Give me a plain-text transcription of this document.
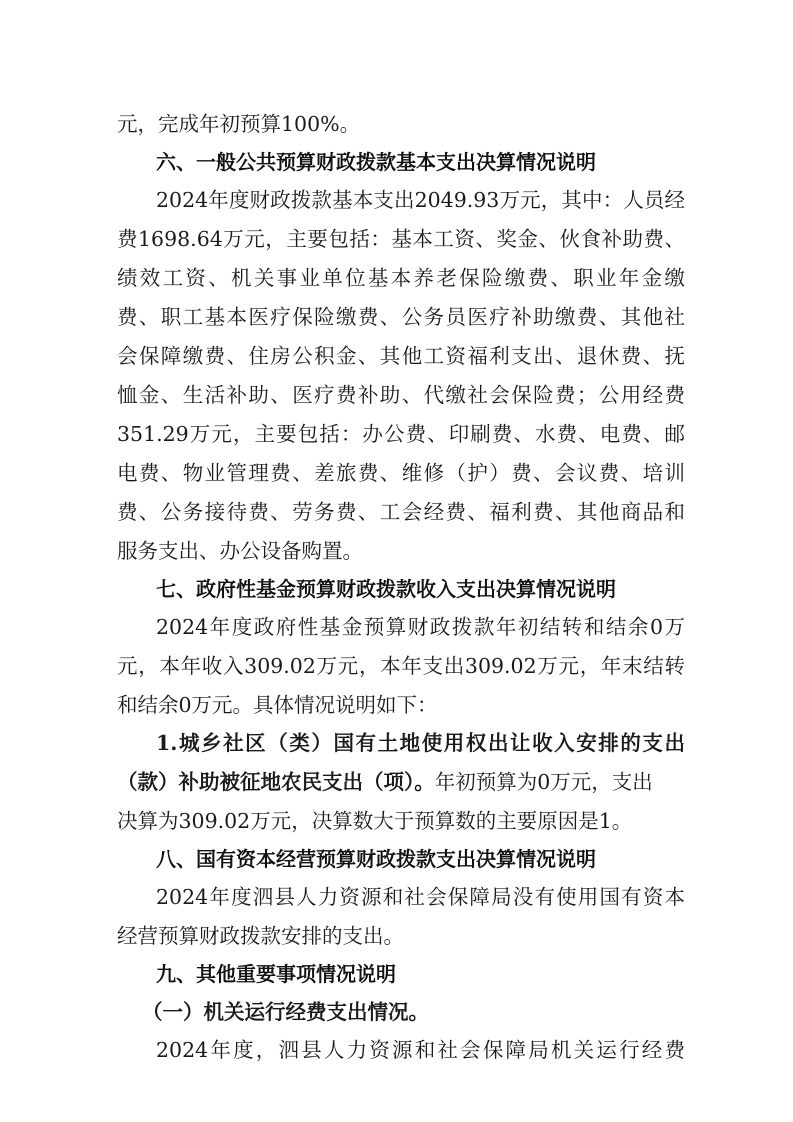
元，完成年初预算100%。

六、一般公共预算财政拨款基本支出决算情况说明

2024年度财政拨款基本支出2049.93万元，其中：人员经

费1698.64万元，主要包括：基本工资、奖金、伙食补助费、

绩效工资、机关事业单位基本养老保险缴费、职业年金缴

费、职工基本医疗保险缴费、公务员医疗补助缴费、其他社

会保障缴费、住房公积金、其他工资福利支出、退休费、抚

恤金、生活补助、医疗费补助、代缴社会保险费；公用经费

351.29万元，主要包括：办公费、印刷费、水费、电费、邮

电费、物业管理费、差旅费、维修（护）费、会议费、培训

费、公务接待费、劳务费、工会经费、福利费、其他商品和

服务支出、办公设备购置。

七、政府性基金预算财政拨款收入支出决算情况说明

2024年度政府性基金预算财政拨款年初结转和结余0万

元，本年收入309.02万元，本年支出309.02万元，年末结转

和结余0万元。具体情况说明如下：

1.城乡社区（类）国有土地使用权出让收入安排的支出

（款）补助被征地农民支出（项）。年初预算为0万元，支出

决算为309.02万元，决算数大于预算数的主要原因是1。

八、国有资本经营预算财政拨款支出决算情况说明

2024年度泗县人力资源和社会保障局没有使用国有资本

经营预算财政拨款安排的支出。

九、其他重要事项情况说明

（一）机关运行经费支出情况。

2024年度，泗县人力资源和社会保障局机关运行经费
